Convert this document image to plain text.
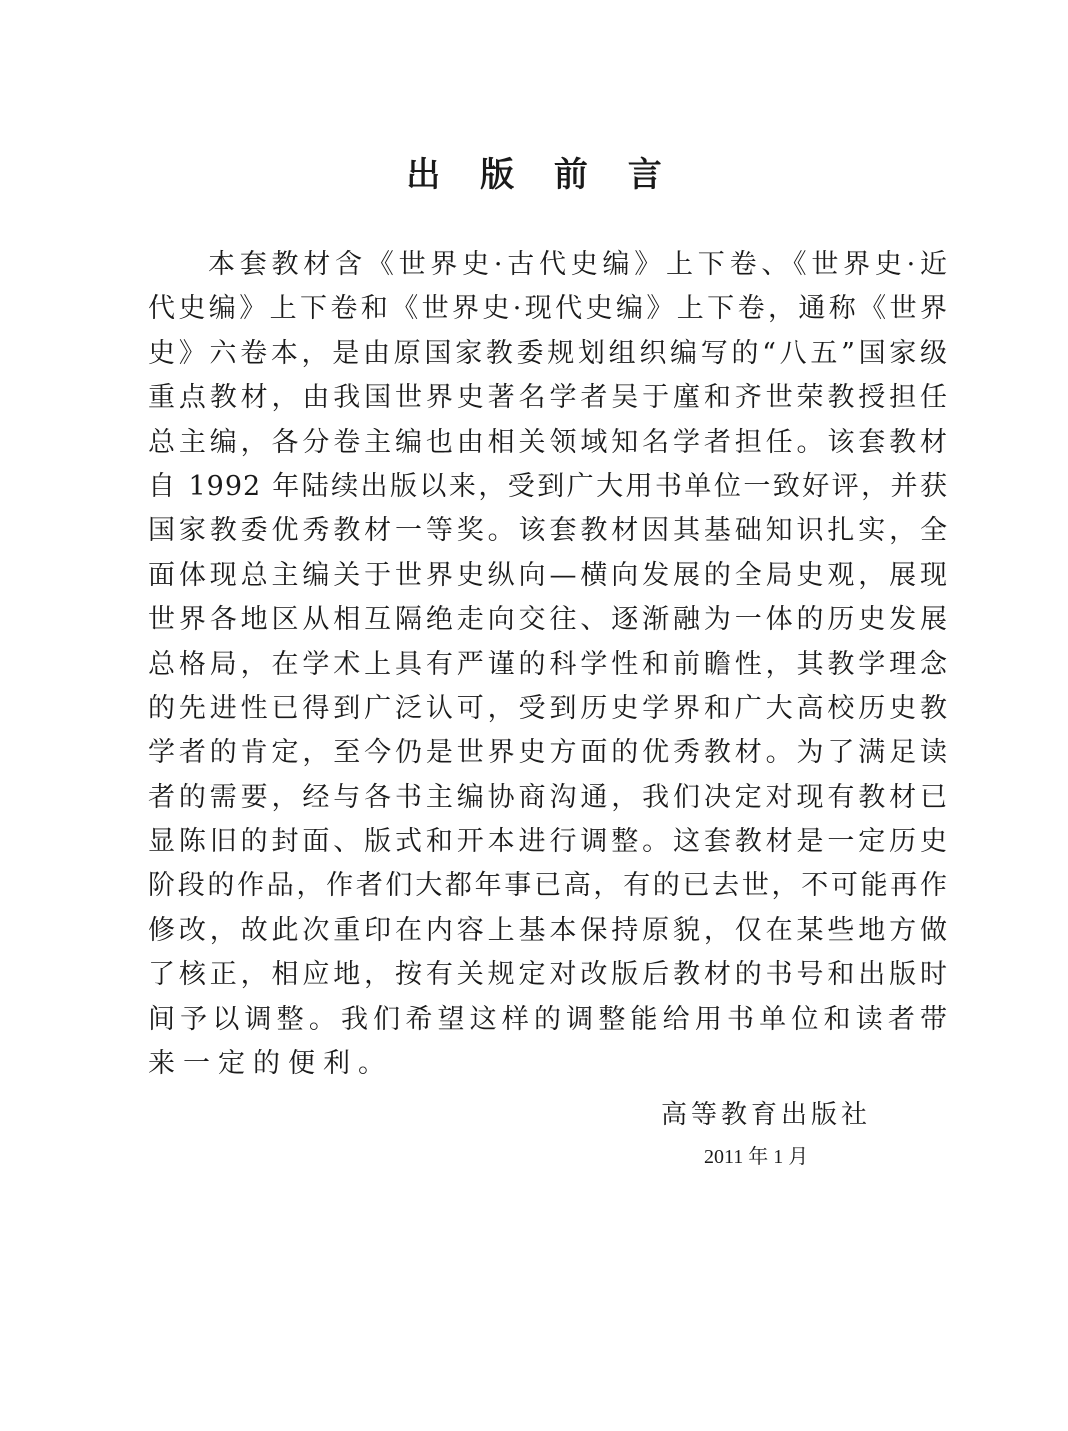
出 版 前 言
本套教材含《世界史·古代史编》上下卷、《世界史·近
代史编》上下卷和《世界史·现代史编》上下卷，通称《世界
史》六卷本，是由原国家教委规划组织编写的“八五”国家级
重点教材，由我国世界史著名学者吴于廑和齐世荣教授担任
总主编，各分卷主编也由相关领域知名学者担任。该套教材
自 1992 年陆续出版以来，受到广大用书单位一致好评，并获
国家教委优秀教材一等奖。该套教材因其基础知识扎实，全
面体现总主编关于世界史纵向—横向发展的全局史观，展现
世界各地区从相互隔绝走向交往、逐渐融为一体的历史发展
总格局，在学术上具有严谨的科学性和前瞻性，其教学理念
的先进性已得到广泛认可，受到历史学界和广大高校历史教
学者的肯定，至今仍是世界史方面的优秀教材。为了满足读
者的需要，经与各书主编协商沟通，我们决定对现有教材已
显陈旧的封面、版式和开本进行调整。这套教材是一定历史
阶段的作品，作者们大都年事已高，有的已去世，不可能再作
修改，故此次重印在内容上基本保持原貌，仅在某些地方做
了核正，相应地，按有关规定对改版后教材的书号和出版时
间予以调整。我们希望这样的调整能给用书单位和读者带
来一定的便利。
高等教育出版社
2011 年 1 月
